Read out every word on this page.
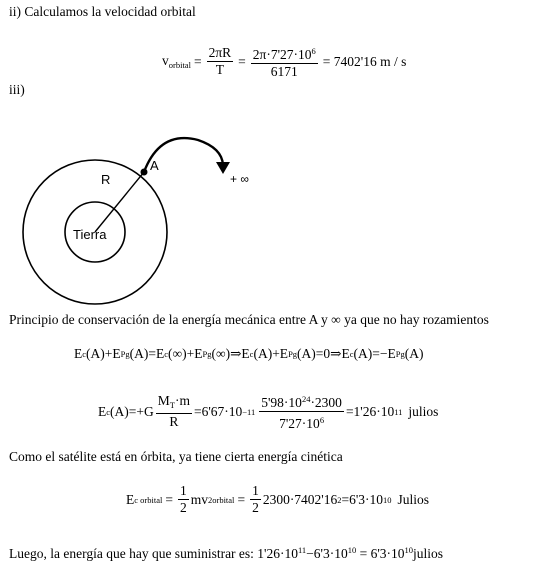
ii) Calculamos la velocidad orbital
$v_{orbital} = \frac{2\pi R}{T} = \frac{2\pi\cdot 7'27\cdot 10^6}{6171} = 7402'16$ m / s
iii)
R
A
+ ∞
Tierra
Principio de conservación de la energía mecánica entre A y ∞ ya que no hay rozamientos
E c (A)+E Pg (A)=E c (∞)+E Pg (∞)⇒E c (A)+E Pg (A)=0⇒E c (A)=−E Pg (A)
E c $(A)=+G \frac{M_T\cdot m}{R} =6'67\cdot 10 -11 \frac{5'98\cdot 10^{24}\cdot 2300}{7'27\cdot 10^6} =1'26\cdot 10$ 11 julios
Como el satélite está en órbita, ya tiene cierta energía cinética
E c orbital = $\frac{1}{2}$ mv 2 orbital = $\frac{1}{2} 2300\cdot 7402'16$ 2 =6'3·10 10 Julios
Luego, la energía que hay que suministrar es: $1'26\cdot 10^{11}-6'3\cdot 10^{10}$ = $6'3\cdot 10^{10}julios$
